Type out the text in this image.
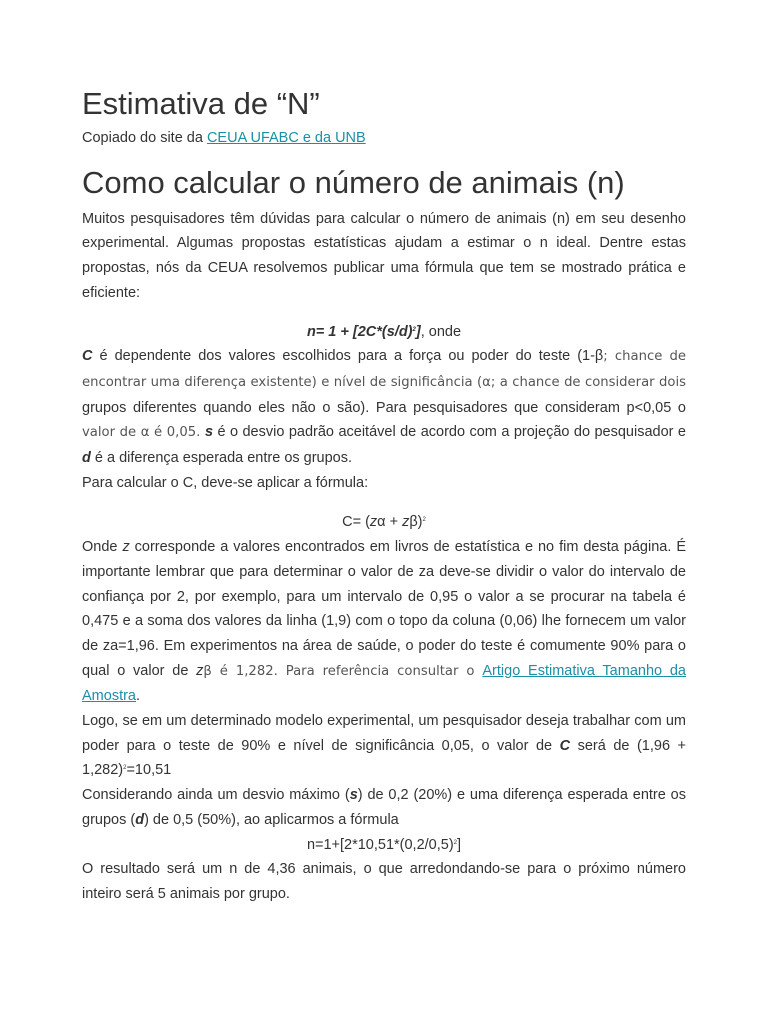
Estimativa de “N”

Copiado do site da CEUA UFABC e da UNB

Como calcular o número de animais (n)

Muitos pesquisadores têm dúvidas para calcular o número de animais (n) em seu desenho experimental. Algumas propostas estatísticas ajudam a estimar o n ideal. Dentre estas propostas, nós da CEUA resolvemos publicar uma fórmula que tem se mostrado prática e eficiente:

$n= 1 + [2C*(s/d)^2]$, onde

C é dependente dos valores escolhidos para a força ou poder do teste (1-β; chance de encontrar uma diferença existente) e nível de significância (α; a chance de considerar dois grupos diferentes quando eles não o são). Para pesquisadores que consideram p<0,05 o valor de α é 0,05. s é o desvio padrão aceitável de acordo com a projeção do pesquisador e d é a diferença esperada entre os grupos.

Para calcular o C, deve-se aplicar a fórmula:

$C= (z\alpha + z\beta)^2$

Onde z corresponde a valores encontrados em livros de estatística e no fim desta página. É importante lembrar que para determinar o valor de za deve-se dividir o valor do intervalo de confiança por 2, por exemplo, para um intervalo de 0,95 o valor a se procurar na tabela é 0,475 e a soma dos valores da linha (1,9) com o topo da coluna (0,06) lhe fornecem um valor de za=1,96. Em experimentos na área de saúde, o poder do teste é comumente 90% para o qual o valor de zβ é 1,282. Para referência consultar o Artigo Estimativa Tamanho da Amostra.

Logo, se em um determinado modelo experimental, um pesquisador deseja trabalhar com um poder para o teste de 90% e nível de significância 0,05, o valor de C será de $(1,96 + 1,282)^2=10,51$

Considerando ainda um desvio máximo (s) de 0,2 (20%) e uma diferença esperada entre os grupos (d) de 0,5 (50%), ao aplicarmos a fórmula

$n=1+[2*10,51*(0,2/0,5)^2]$

O resultado será um n de 4,36 animais, o que arredondando-se para o próximo número inteiro será 5 animais por grupo.
